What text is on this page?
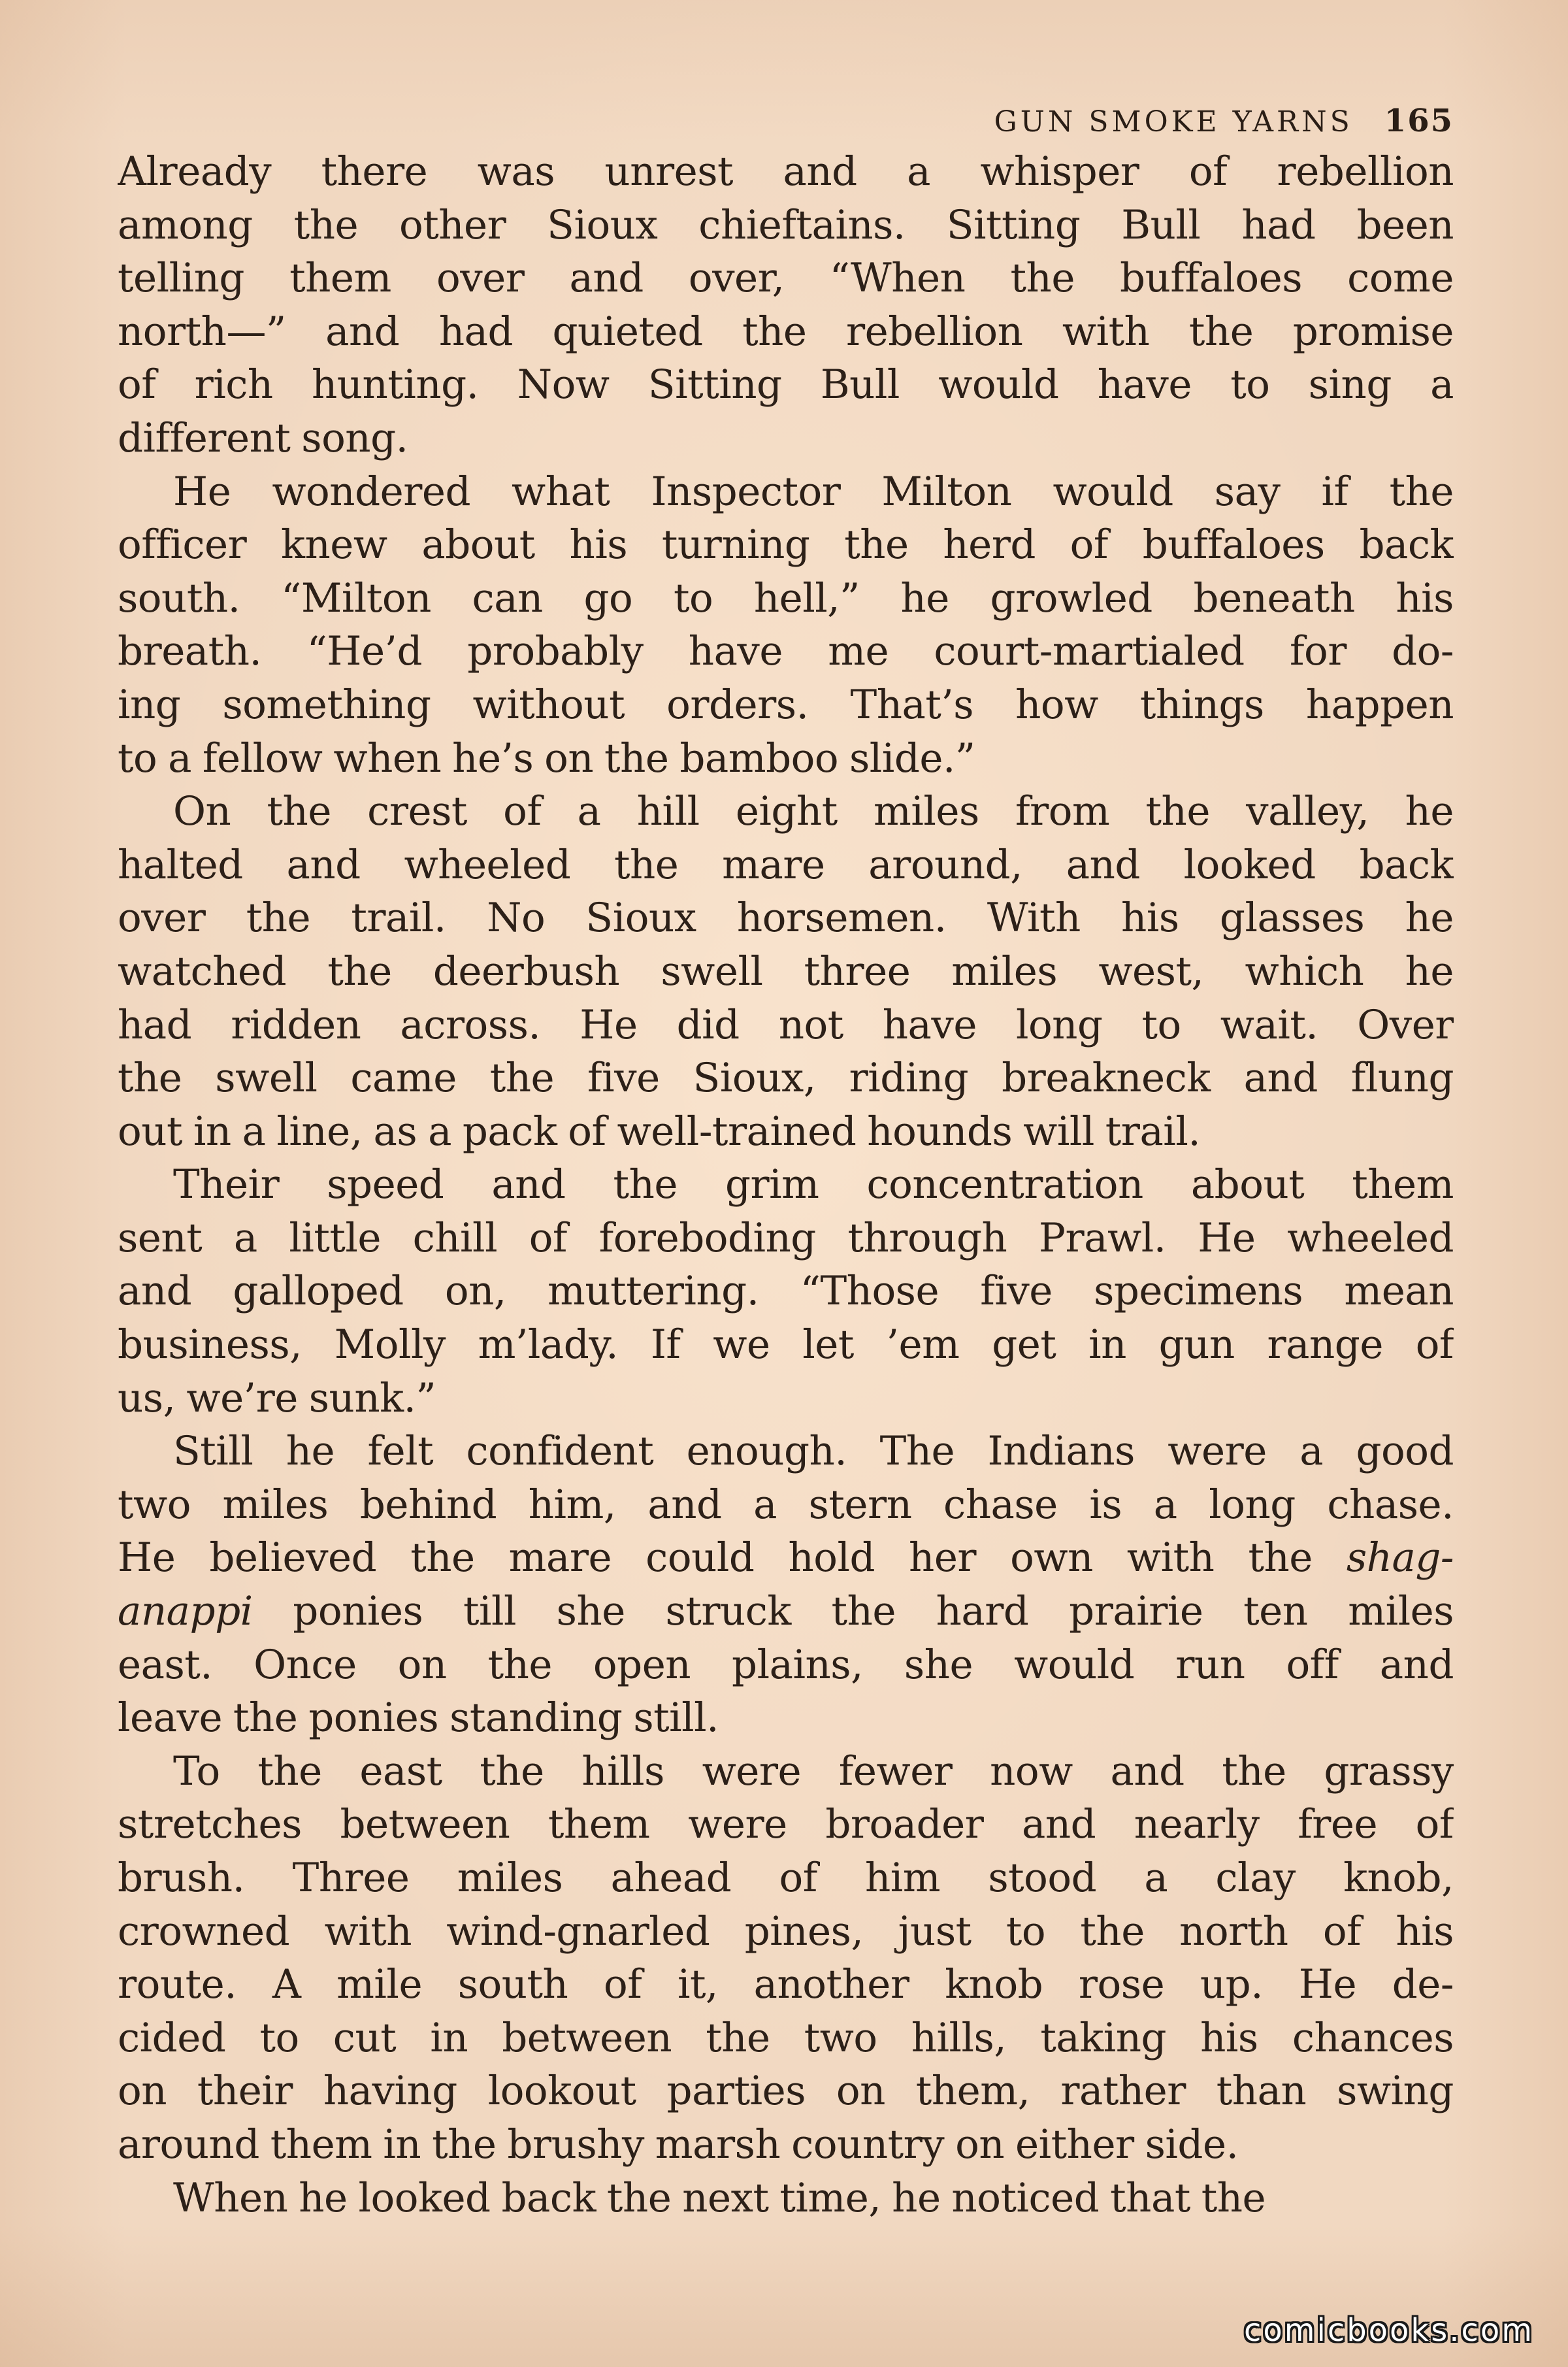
GUN SMOKE YARNS 165

Already there was unrest and a whisper of rebellion
among the other Sioux chieftains. Sitting Bull had been
telling them over and over, “When the buffaloes come
north—” and had quieted the rebellion with the promise
of rich hunting. Now Sitting Bull would have to sing a
different song.

He wondered what Inspector Milton would say if the
officer knew about his turning the herd of buffaloes back
south. “Milton can go to hell,” he growled beneath his
breath. “He’d probably have me court-martialed for do-
ing something without orders. That’s how things happen
to a fellow when he’s on the bamboo slide.”

On the crest of a hill eight miles from the valley, he
halted and wheeled the mare around, and looked back
over the trail. No Sioux horsemen. With his glasses he
watched the deerbush swell three miles west, which he
had ridden across. He did not have long to wait. Over
the swell came the five Sioux, riding breakneck and flung
out in a line, as a pack of well-trained hounds will trail.

Their speed and the grim concentration about them
sent a little chill of foreboding through Prawl. He wheeled
and galloped on, muttering. “Those five specimens mean
business, Molly m’lady. If we let ’em get in gun range of
us, we’re sunk.”

Still he felt confident enough. The Indians were a good
two miles behind him, and a stern chase is a long chase.
He believed the mare could hold her own with the shag-
anappi ponies till she struck the hard prairie ten miles
east. Once on the open plains, she would run off and
leave the ponies standing still.

To the east the hills were fewer now and the grassy
stretches between them were broader and nearly free of
brush. Three miles ahead of him stood a clay knob,
crowned with wind-gnarled pines, just to the north of his
route. A mile south of it, another knob rose up. He de-
cided to cut in between the two hills, taking his chances
on their having lookout parties on them, rather than swing
around them in the brushy marsh country on either side.

When he looked back the next time, he noticed that the

comicbooks.com
